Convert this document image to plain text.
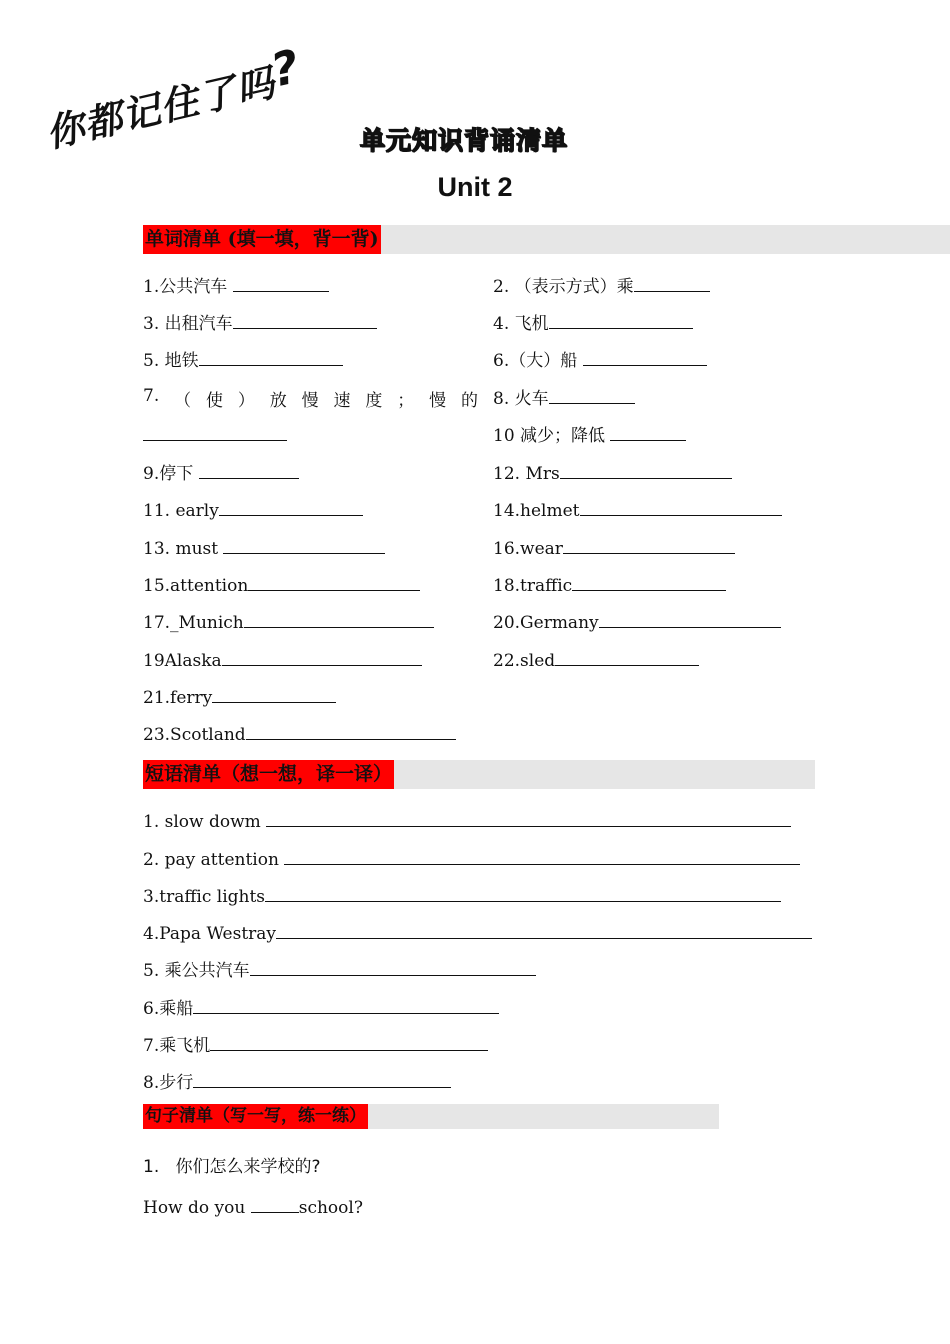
你都记住了吗?
单元知识背诵清单
Unit 2
单词清单 (填一填，背一背)
1.公共汽车	2. （表示方式）乘
3. 出租汽车	4. 飞机
5. 地铁	6.（大）船
7. （ 使 ） 放 慢 速 度 ； 慢 的 8. 火车
10 减少；降低
9.停下	12. Mrs
11. early	14.helmet
13. must	16.wear
15.attention	18.traffic
17._Munich	20.Germany
19Alaska	22.sled
21.ferry
23.Scotland
短语清单（想一想，译一译）
1. slow dowm
2. pay attention
3.traffic lights
4.Papa Westray
5. 乘公共汽车
6.乘船
7.乘飞机
8.步行
句子清单（写一写，练一练）
1. 你们怎么来学校的?
How do you	school?
